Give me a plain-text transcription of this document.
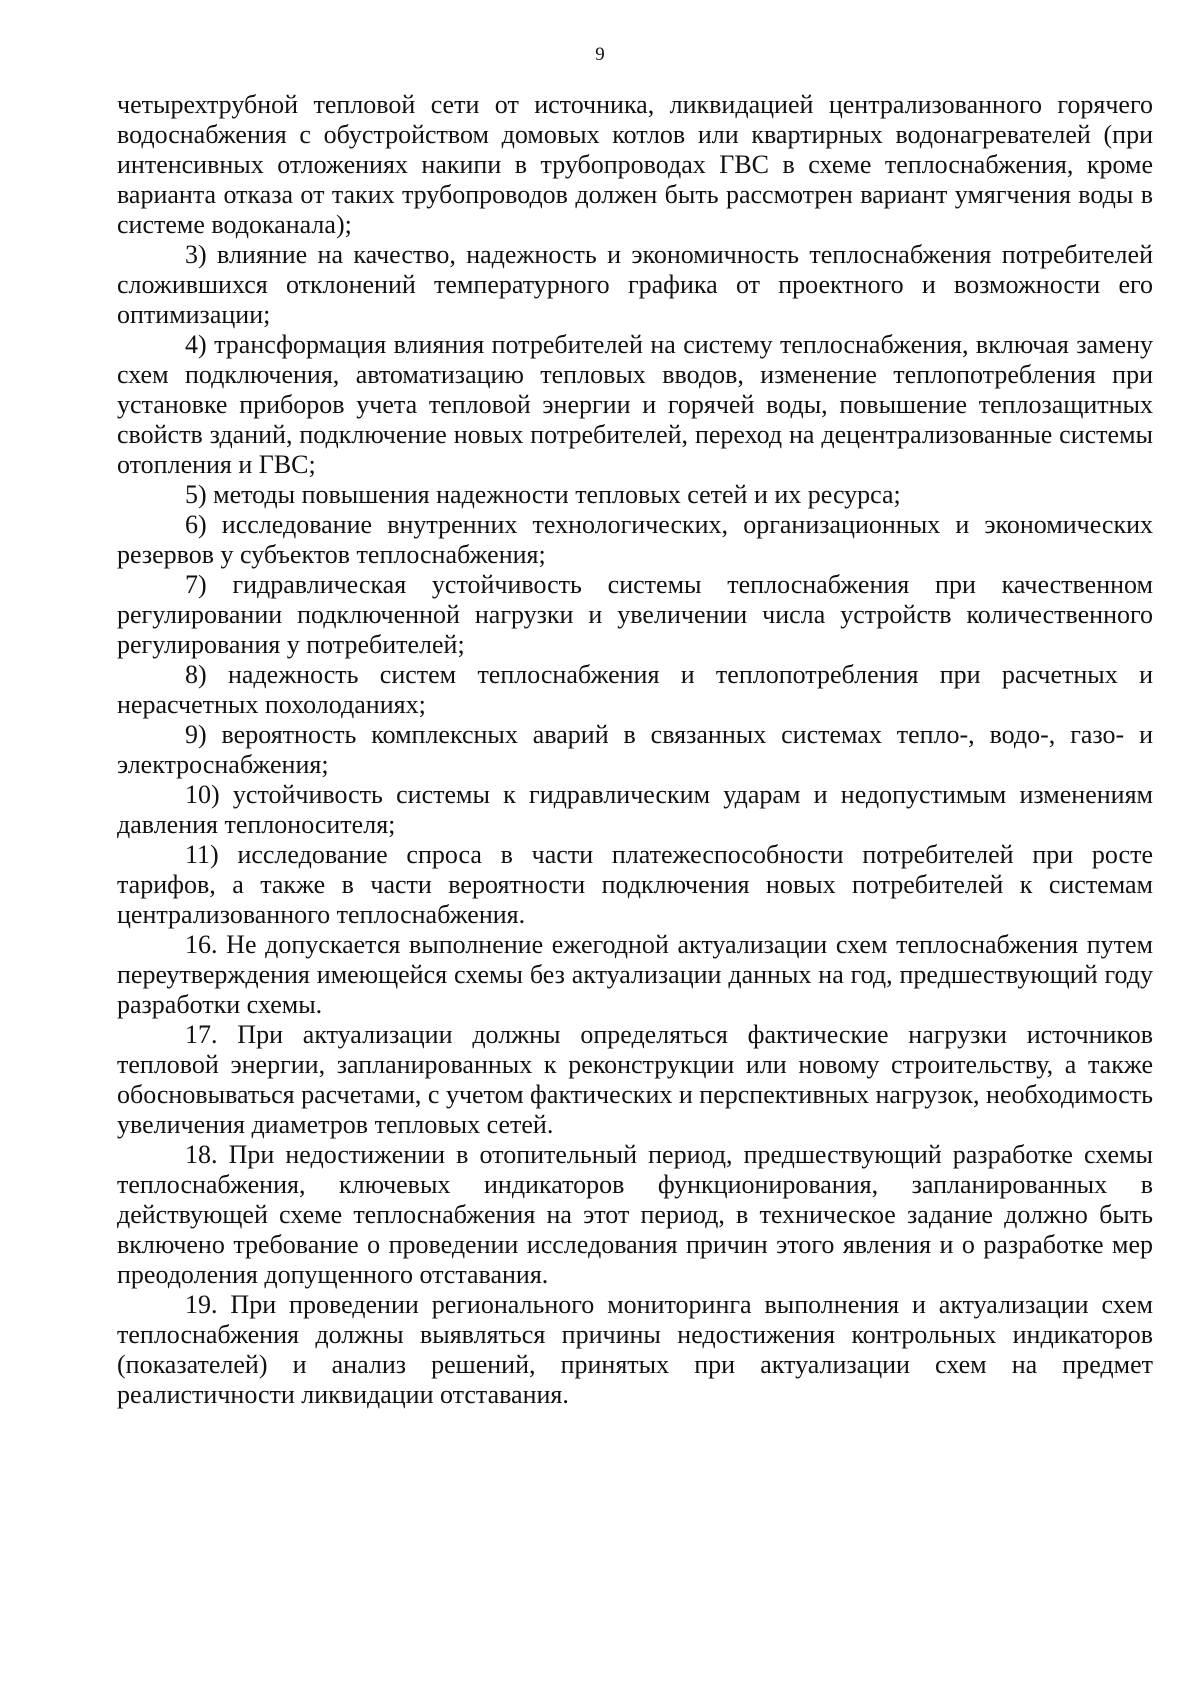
9

четырехтрубной тепловой сети от источника, ликвидацией централизованного горячего водоснабжения с обустройством домовых котлов или квартирных водонагревателей (при интенсивных отложениях накипи в трубопроводах ГВС в схеме теплоснабжения, кроме варианта отказа от таких трубопроводов должен быть рассмотрен вариант умягчения воды в системе водоканала);

3) влияние на качество, надежность и экономичность теплоснабжения потребителей сложившихся отклонений температурного графика от проектного и возможности его оптимизации;

4) трансформация влияния потребителей на систему теплоснабжения, включая замену схем подключения, автоматизацию тепловых вводов, изменение теплопотребления при установке приборов учета тепловой энергии и горячей воды, повышение теплозащитных свойств зданий, подключение новых потребителей, переход на децентрализованные системы отопления и ГВС;

5) методы повышения надежности тепловых сетей и их ресурса;

6) исследование внутренних технологических, организационных и экономических резервов у субъектов теплоснабжения;

7) гидравлическая устойчивость системы теплоснабжения при качественном регулировании подключенной нагрузки и увеличении числа устройств количественного регулирования у потребителей;

8) надежность систем теплоснабжения и теплопотребления при расчетных и нерасчетных похолоданиях;

9) вероятность комплексных аварий в связанных системах тепло-, водо-, газо- и электроснабжения;

10) устойчивость системы к гидравлическим ударам и недопустимым изменениям давления теплоносителя;

11) исследование спроса в части платежеспособности потребителей при росте тарифов, а также в части вероятности подключения новых потребителей к системам централизованного теплоснабжения.

16. Не допускается выполнение ежегодной актуализации схем теплоснабжения путем переутверждения имеющейся схемы без актуализации данных на год, предшествующий году разработки схемы.

17. При актуализации должны определяться фактические нагрузки источников тепловой энергии, запланированных к реконструкции или новому строительству, а также обосновываться расчетами, с учетом фактических и перспективных нагрузок, необходимость увеличения диаметров тепловых сетей.

18. При недостижении в отопительный период, предшествующий разработке схемы теплоснабжения, ключевых индикаторов функционирования, запланированных в действующей схеме теплоснабжения на этот период, в техническое задание должно быть включено требование о проведении исследования причин этого явления и о разработке мер преодоления допущенного отставания.

19. При проведении регионального мониторинга выполнения и актуализации схем теплоснабжения должны выявляться причины недостижения контрольных индикаторов (показателей) и анализ решений, принятых при актуализации схем на предмет реалистичности ликвидации отставания.
